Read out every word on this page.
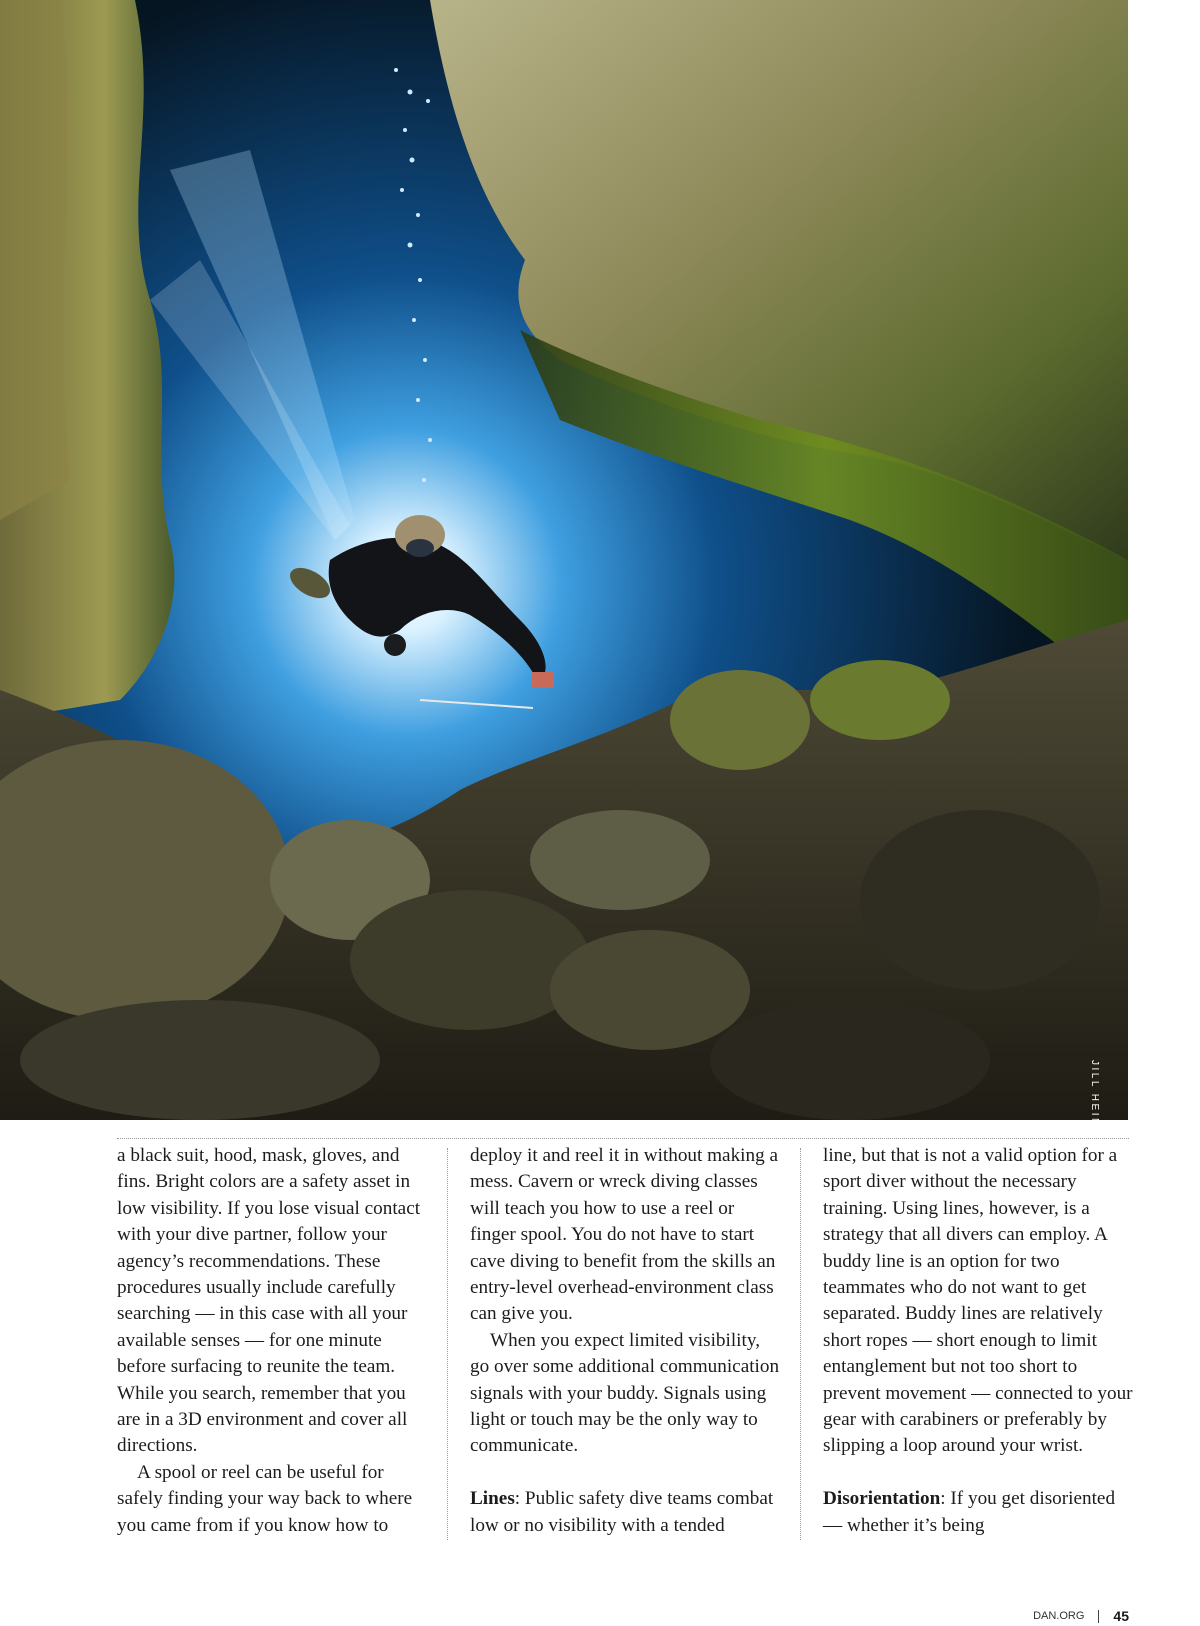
JILL HEINERTH

a black suit, hood, mask, gloves, and fins. Bright colors are a safety asset in low visibility. If you lose visual contact with your dive partner, follow your agency’s recommendations. These procedures usually include carefully searching — in this case with all your available senses — for one minute before surfacing to reunite the team. While you search, remember that you are in a 3D environment and cover all directions.

A spool or reel can be useful for safely finding your way back to where you came from if you know how to

deploy it and reel it in without making a mess. Cavern or wreck diving classes will teach you how to use a reel or finger spool. You do not have to start cave diving to benefit from the skills an entry-level overhead-environment class can give you.

When you expect limited visibility, go over some additional communication signals with your buddy. Signals using light or touch may be the only way to communicate.

Lines: Public safety dive teams combat low or no visibility with a tended

line, but that is not a valid option for a sport diver without the necessary training. Using lines, however, is a strategy that all divers can employ. A buddy line is an option for two teammates who do not want to get separated. Buddy lines are relatively short ropes — short enough to limit entanglement but not too short to prevent movement — connected to your gear with carabiners or preferably by slipping a loop around your wrist.

Disorientation: If you get disoriented — whether it’s being

DAN.ORG 45
